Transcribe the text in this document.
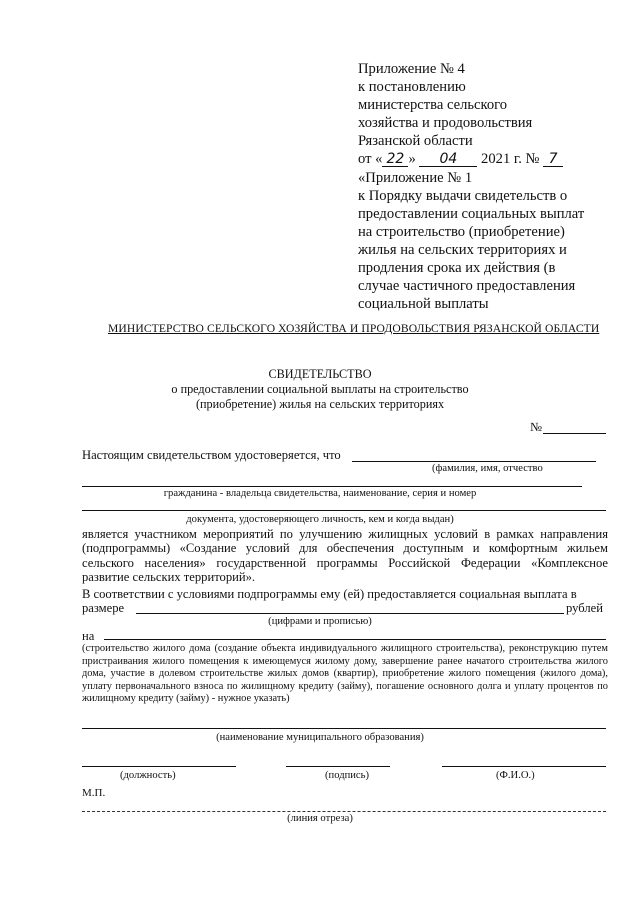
Приложение № 4
к постановлению
министерства сельского
хозяйства и продовольствия
Рязанской области
от « 22 » 04 2021 г. № 7
«Приложение № 1
к Порядку выдачи свидетельств о
предоставлении социальных выплат
на строительство (приобретение)
жилья на сельских территориях и
продления срока их действия (в
случае частичного предоставления
социальной выплаты
МИНИСТЕРСТВО СЕЛЬСКОГО ХОЗЯЙСТВА И ПРОДОВОЛЬСТВИЯ РЯЗАНСКОЙ ОБЛАСТИ
СВИДЕТЕЛЬСТВО
о предоставлении социальной выплаты на строительство
(приобретение) жилья на сельских территориях
№
Настоящим свидетельством удостоверяется, что
(фамилия, имя, отчество
гражданина - владельца свидетельства, наименование, серия и номер
документа, удостоверяющего личность, кем и когда выдан)
является участником мероприятий по улучшению жилищных условий в рамках направления (подпрограммы) «Создание условий для обеспечения доступным и комфортным жильем сельского населения» государственной программы Российской Федерации «Комплексное развитие сельских территорий».
В соответствии с условиями подпрограммы ему (ей) предоставляется социальная выплата в
размере	рублей
(цифрами и прописью)
на
(строительство жилого дома (создание объекта индивидуального жилищного строительства), реконструкцию путем пристраивания жилого помещения к имеющемуся жилому дому, завершение ранее начатого строительства жилого дома, участие в долевом строительстве жилых домов (квартир), приобретение жилого помещения (жилого дома), уплату первоначального взноса по жилищному кредиту (займу), погашение основного долга и уплату процентов по жилищному кредиту (займу) - нужное указать)
(наименование муниципального образования)
(должность)	(подпись)	(Ф.И.О.)
М.П.
(линия отреза)
